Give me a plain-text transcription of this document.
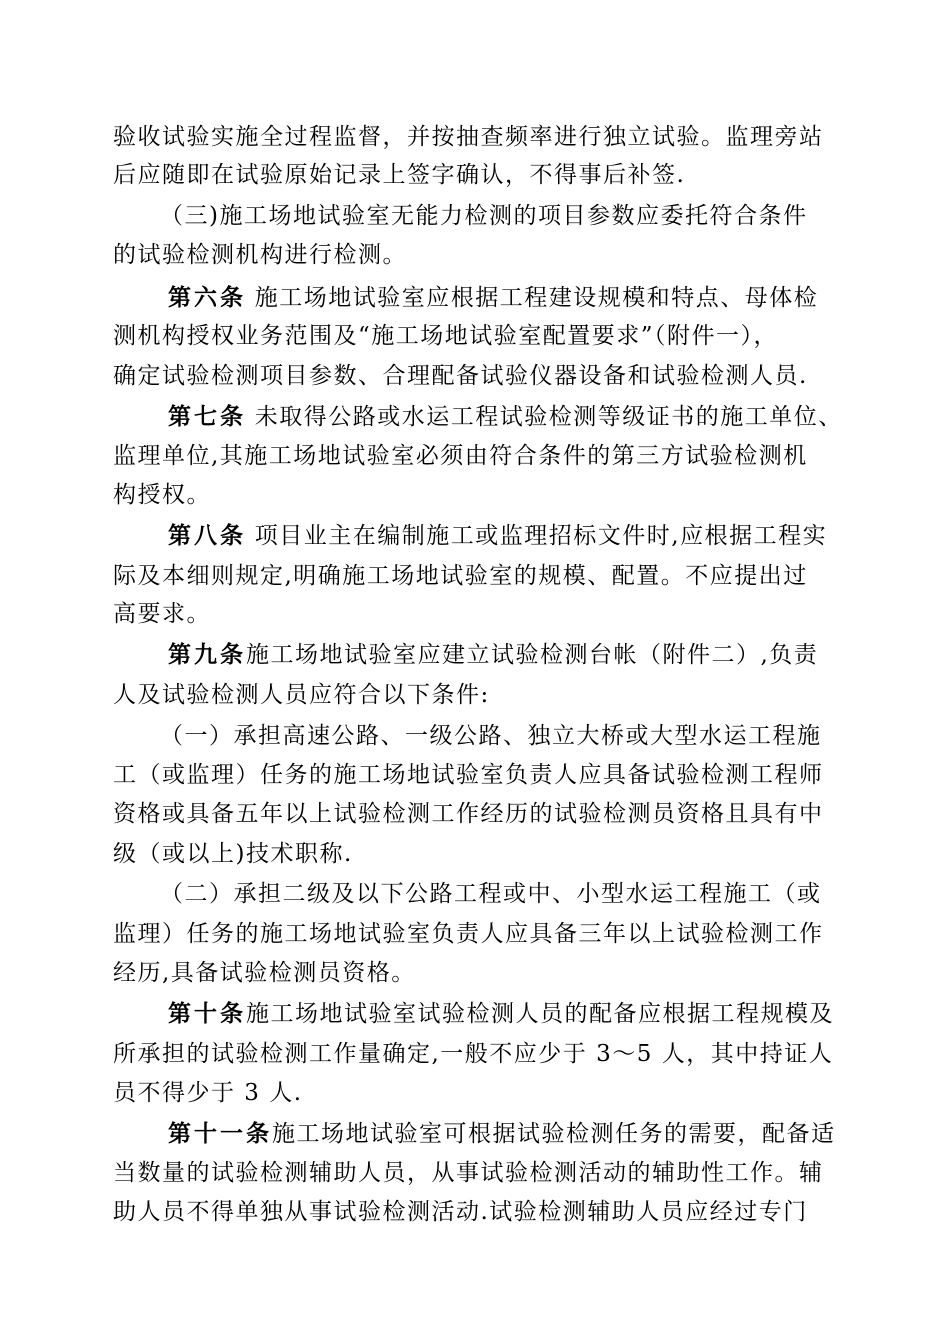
验收试验实施全过程监督，并按抽查频率进行独立试验。监理旁站
后应随即在试验原始记录上签字确认，不得事后补签.
（三)施工场地试验室无能力检测的项目参数应委托符合条件
的试验检测机构进行检测。
第六条 施工场地试验室应根据工程建设规模和特点、母体检
测机构授权业务范围及“施工场地试验室配置要求”（附件一），
确定试验检测项目参数、合理配备试验仪器设备和试验检测人员.
第七条 未取得公路或水运工程试验检测等级证书的施工单位、
监理单位,其施工场地试验室必须由符合条件的第三方试验检测机
构授权。
第八条 项目业主在编制施工或监理招标文件时,应根据工程实
际及本细则规定,明确施工场地试验室的规模、配置。不应提出过
高要求。
第九条施工场地试验室应建立试验检测台帐（附件二）,负责
人及试验检测人员应符合以下条件:
（一）承担高速公路、一级公路、独立大桥或大型水运工程施
工（或监理）任务的施工场地试验室负责人应具备试验检测工程师
资格或具备五年以上试验检测工作经历的试验检测员资格且具有中
级（或以上)技术职称.
（二）承担二级及以下公路工程或中、小型水运工程施工（或
监理）任务的施工场地试验室负责人应具备三年以上试验检测工作
经历,具备试验检测员资格。
第十条施工场地试验室试验检测人员的配备应根据工程规模及
所承担的试验检测工作量确定,一般不应少于 3～5 人，其中持证人
员不得少于 3 人.
第十一条施工场地试验室可根据试验检测任务的需要，配备适
当数量的试验检测辅助人员，从事试验检测活动的辅助性工作。辅
助人员不得单独从事试验检测活动.试验检测辅助人员应经过专门
